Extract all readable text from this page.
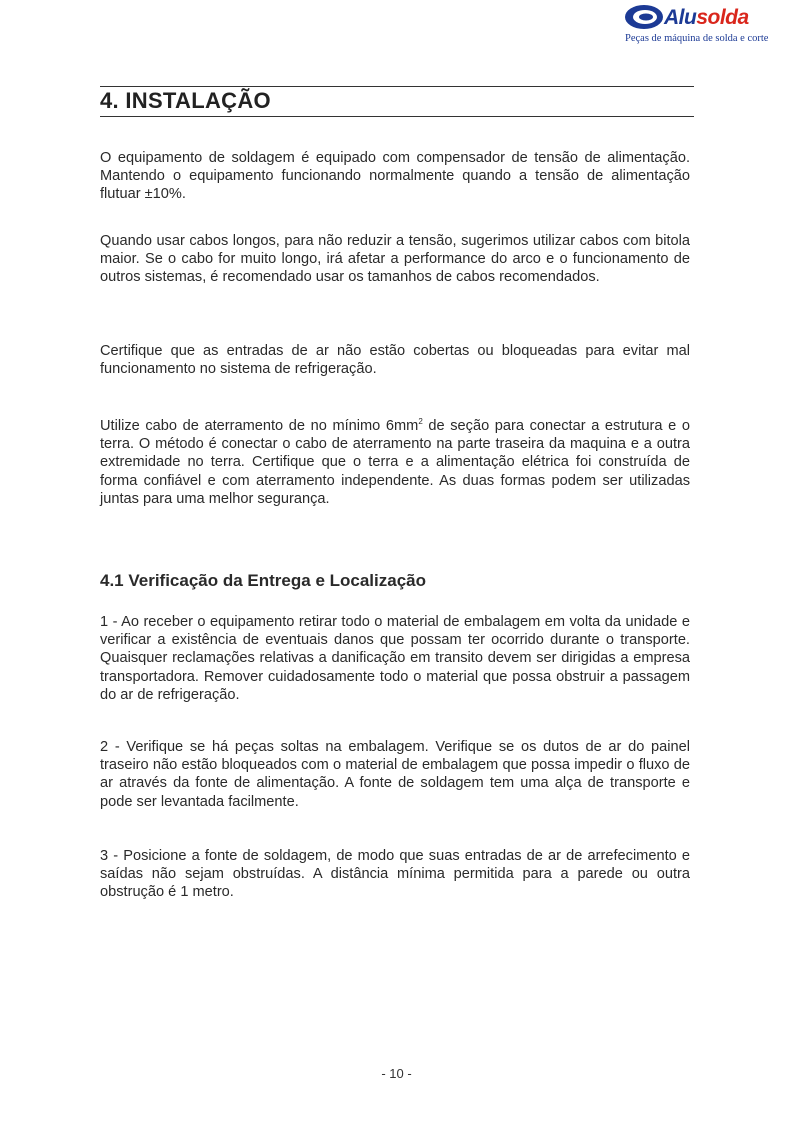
Alusolda
Peças de máquina de solda e corte
4. INSTALAÇÃO

O equipamento de soldagem é equipado com compensador de tensão de alimentação. Mantendo o equipamento funcionando normalmente quando a tensão de alimentação flutuar ±10%.

Quando usar cabos longos, para não reduzir a tensão, sugerimos utilizar cabos com bitola maior. Se o cabo for muito longo, irá afetar a performance do arco e o funcionamento de outros sistemas, é recomendado usar os tamanhos de cabos recomendados.

Certifique que as entradas de ar não estão cobertas ou bloqueadas para evitar mal funcionamento no sistema de refrigeração.

Utilize cabo de aterramento de no mínimo $6mm^2$ de seção para conectar a estrutura e o terra. O método é conectar o cabo de aterramento na parte traseira da maquina e a outra extremidade no terra. Certifique que o terra e a alimentação elétrica foi construída de forma confiável e com aterramento independente. As duas formas podem ser utilizadas juntas para uma melhor segurança.

4.1 Verificação da Entrega e Localização

1 - Ao receber o equipamento retirar todo o material de embalagem em volta da unidade e verificar a existência de eventuais danos que possam ter ocorrido durante o transporte. Quaisquer reclamações relativas a danificação em transito devem ser dirigidas a empresa transportadora. Remover cuidadosamente todo o material que possa obstruir a passagem do ar de refrigeração.

2 - Verifique se há peças soltas na embalagem. Verifique se os dutos de ar do painel traseiro não estão bloqueados com o material de embalagem que possa impedir o fluxo de ar através da fonte de alimentação. A fonte de soldagem tem uma alça de transporte e pode ser levantada facilmente.

3 - Posicione a fonte de soldagem, de modo que suas entradas de ar de arrefecimento e saídas não sejam obstruídas. A distância mínima permitida para a parede ou outra obstrução é 1 metro.

- 10 -
